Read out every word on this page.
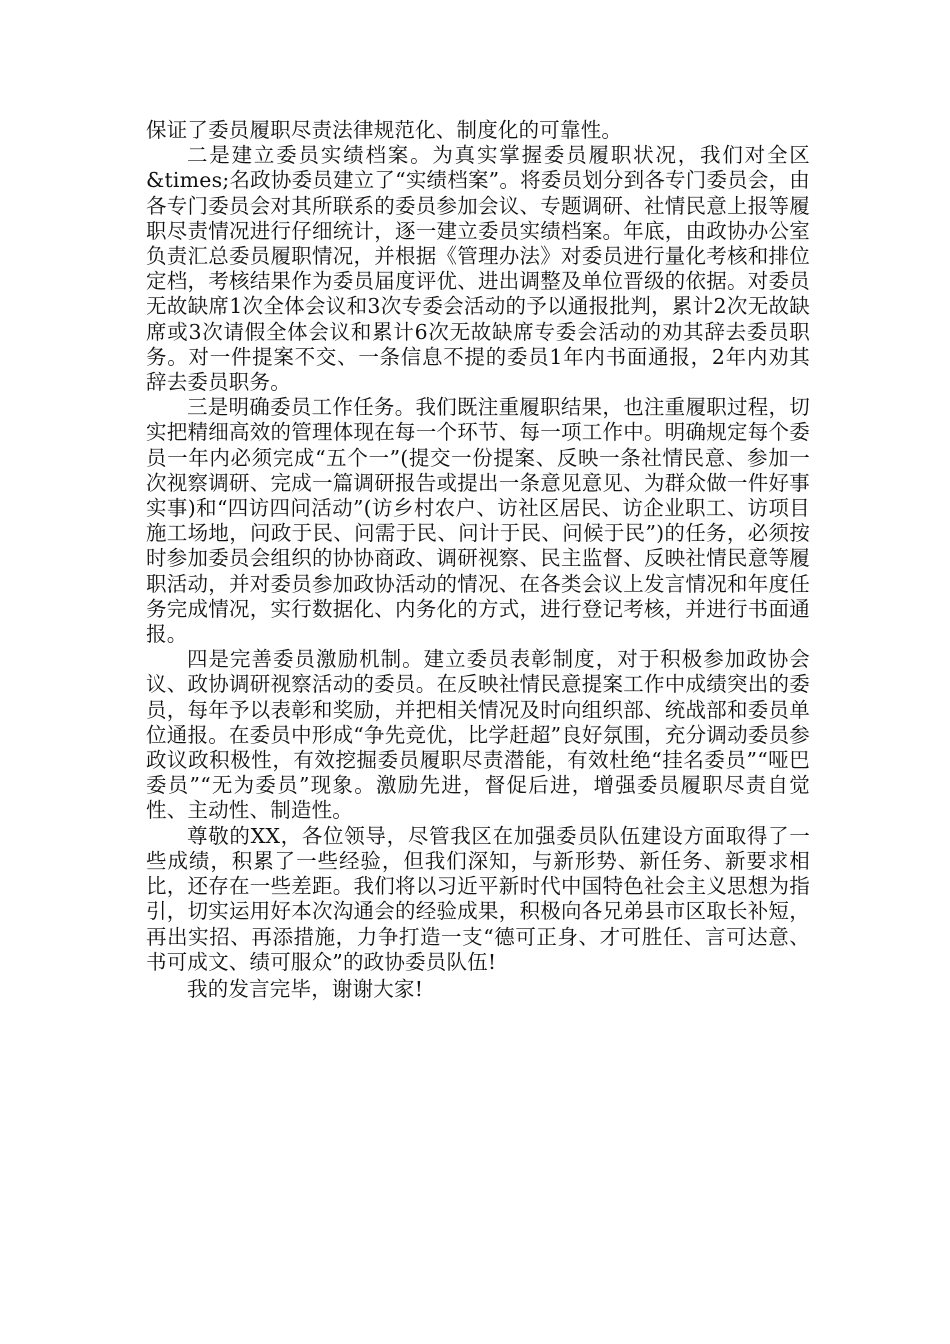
保证了委员履职尽责法律规范化、制度化的可靠性。

二是建立委员实绩档案。为真实掌握委员履职状况，我们对全区&times;名政协委员建立了“实绩档案”。将委员划分到各专门委员会，由各专门委员会对其所联系的委员参加会议、专题调研、社情民意上报等履职尽责情况进行仔细统计，逐一建立委员实绩档案。年底，由政协办公室负责汇总委员履职情况，并根据《管理办法》对委员进行量化考核和排位定档，考核结果作为委员届度评优、进出调整及单位晋级的依据。对委员无故缺席1次全体会议和3次专委会活动的予以通报批判，累计2次无故缺席或3次请假全体会议和累计6次无故缺席专委会活动的劝其辞去委员职务。对一件提案不交、一条信息不提的委员1年内书面通报，2年内劝其辞去委员职务。

三是明确委员工作任务。我们既注重履职结果，也注重履职过程，切实把精细高效的管理体现在每一个环节、每一项工作中。明确规定每个委员一年内必须完成“五个一”(提交一份提案、反映一条社情民意、参加一次视察调研、完成一篇调研报告或提出一条意见意见、为群众做一件好事实事)和“四访四问活动”(访乡村农户、访社区居民、访企业职工、访项目施工场地，问政于民、问需于民、问计于民、问候于民”)的任务，必须按时参加委员会组织的协协商政、调研视察、民主监督、反映社情民意等履职活动，并对委员参加政协活动的情况、在各类会议上发言情况和年度任务完成情况，实行数据化、内务化的方式，进行登记考核，并进行书面通报。

四是完善委员激励机制。建立委员表彰制度，对于积极参加政协会议、政协调研视察活动的委员。在反映社情民意提案工作中成绩突出的委员，每年予以表彰和奖励，并把相关情况及时向组织部、统战部和委员单位通报。在委员中形成“争先竞优，比学赶超”良好氛围，充分调动委员参政议政积极性，有效挖掘委员履职尽责潜能，有效杜绝“挂名委员”“哑巴委员”“无为委员”现象。激励先进，督促后进，增强委员履职尽责自觉性、主动性、制造性。

尊敬的XX，各位领导，尽管我区在加强委员队伍建设方面取得了一些成绩，积累了一些经验，但我们深知，与新形势、新任务、新要求相比，还存在一些差距。我们将以习近平新时代中国特色社会主义思想为指引，切实运用好本次沟通会的经验成果，积极向各兄弟县市区取长补短，再出实招、再添措施，力争打造一支“德可正身、才可胜任、言可达意、书可成文、绩可服众”的政协委员队伍!

我的发言完毕，谢谢大家!
